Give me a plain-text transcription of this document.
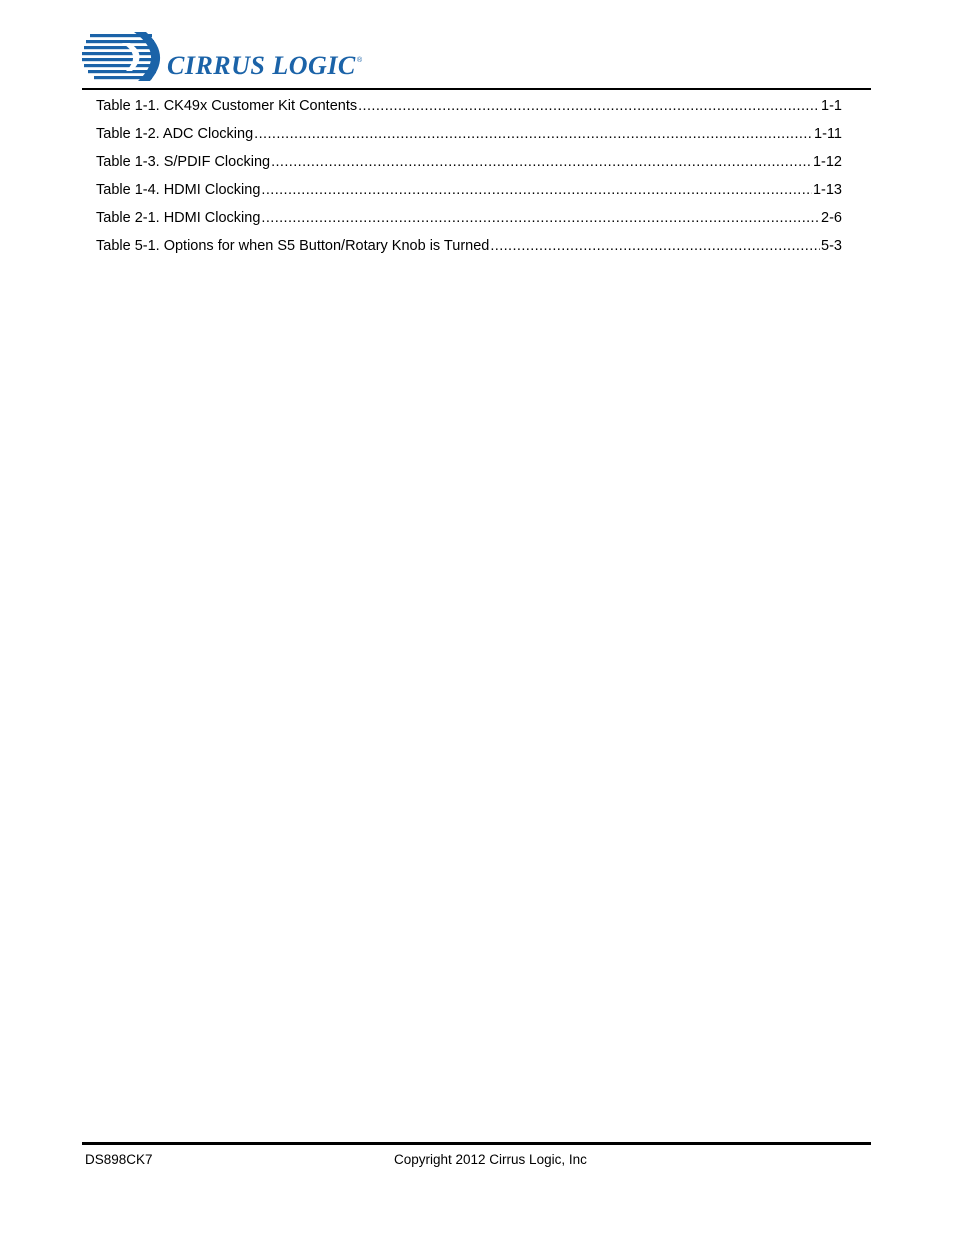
CIRRUS LOGIC ®
Table 1-1. CK49x Customer Kit Contents .....	1-1
Table 1-2. ADC Clocking .....	1-11
Table 1-3. S/PDIF Clocking .....	1-12
Table 1-4. HDMI Clocking .....	1-13
Table 2-1. HDMI Clocking .....	2-6
Table 5-1. Options for when S5 Button/Rotary Knob is Turned .....	5-3
DS898CK7	Copyright 2012 Cirrus Logic, Inc
